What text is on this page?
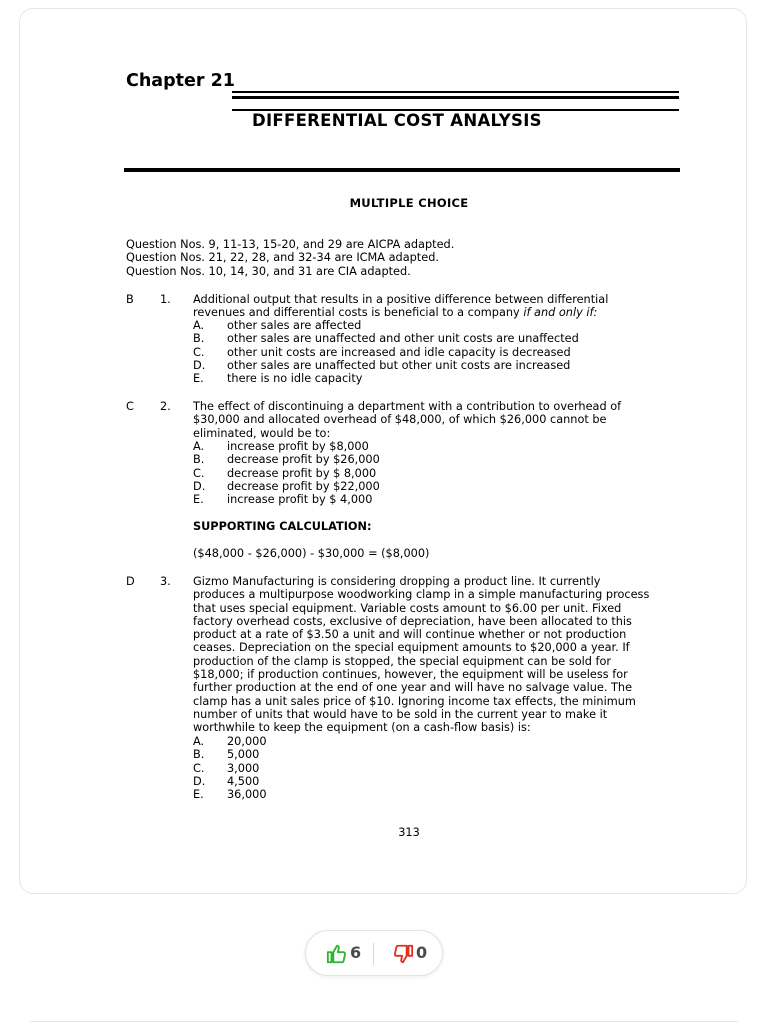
Chapter 21
DIFFERENTIAL COST ANALYSIS
MULTIPLE CHOICE
Question Nos. 9, 11-13, 15-20, and 29 are AICPA adapted.
Question Nos. 21, 22, 28, and 32-34 are ICMA adapted.
Question Nos. 10, 14, 30, and 31 are CIA adapted.
B 1. Additional output that results in a positive difference between differential
revenues and differential costs is beneficial to a company if and only if:
A.
B.
C.
D.
E.
other sales are affected
other sales are unaffected and other unit costs are unaffected
other unit costs are increased and idle capacity is decreased
other sales are unaffected but other unit costs are increased
there is no idle capacity
C 2. The effect of discontinuing a department with a contribution to overhead of
$30,000 and allocated overhead of $48,000, of which $26,000 cannot be
eliminated, would be to:
A.
B.
C.
D.
E.
increase profit by $8,000
decrease profit by $26,000
decrease profit by $ 8,000
decrease profit by $22,000
increase profit by $ 4,000
SUPPORTING CALCULATION:
($48,000 - $26,000) - $30,000 = ($8,000)
D 3. Gizmo Manufacturing is considering dropping a product line. It currently
produces a multipurpose woodworking clamp in a simple manufacturing process
that uses special equipment. Variable costs amount to $6.00 per unit. Fixed
factory overhead costs, exclusive of depreciation, have been allocated to this
product at a rate of $3.50 a unit and will continue whether or not production
ceases. Depreciation on the special equipment amounts to $20,000 a year. If
production of the clamp is stopped, the special equipment can be sold for
$18,000; if production continues, however, the equipment will be useless for
further production at the end of one year and will have no salvage value. The
clamp has a unit sales price of $10. Ignoring income tax effects, the minimum
number of units that would have to be sold in the current year to make it
worthwhile to keep the equipment (on a cash-flow basis) is:
A.
B.
C.
D.
E.
20,000
5,000
3,000
4,500
36,000
313
6	0
